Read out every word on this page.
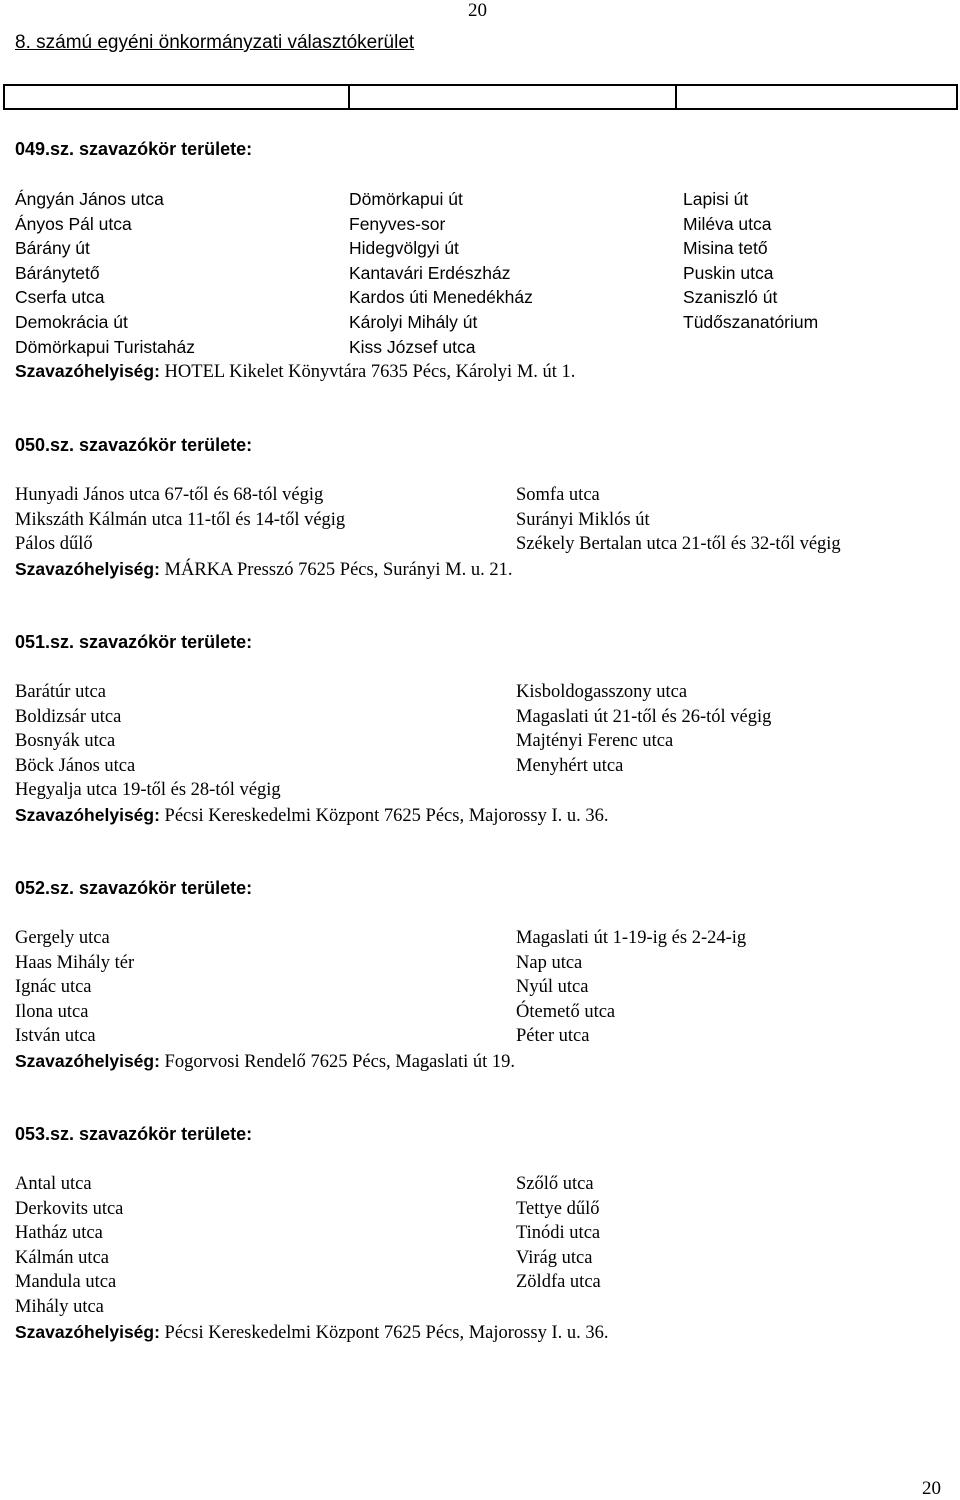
20
8. számú egyéni önkormányzati választókerület

049.sz. szavazókör területe:
Ángyán János utca	Dömörkapui út	Lapisi út
Ányos Pál utca	Fenyves-sor	Miléva utca
Bárány út	Hidegvölgyi út	Misina tető
Báránytető	Kantavári Erdészház	Puskin utca
Cserfa utca	Kardos úti Menedékház	Szaniszló út
Demokrácia út	Károlyi Mihály út	Tüdőszanatórium
Dömörkapui Turistaház	Kiss József utca
Szavazóhelyiség: HOTEL Kikelet Könyvtára 7635 Pécs, Károlyi M. út 1.
050.sz. szavazókör területe:
Hunyadi János utca 67-től és 68-tól végig	Somfa utca
Mikszáth Kálmán utca 11-től és 14-től végig	Surányi Miklós út
Pálos dűlő	Székely Bertalan utca 21-től és 32-től végig
Szavazóhelyiség: MÁRKA Presszó 7625 Pécs, Surányi M. u. 21.
051.sz. szavazókör területe:
Barátúr utca	Kisboldogasszony utca
Boldizsár utca	Magaslati út 21-től és 26-tól végig
Bosnyák utca	Majtényi Ferenc utca
Böck János utca	Menyhért utca
Hegyalja utca 19-től és 28-tól végig
Szavazóhelyiség: Pécsi Kereskedelmi Központ 7625 Pécs, Majorossy I. u. 36.
052.sz. szavazókör területe:
Gergely utca	Magaslati út 1-19-ig és 2-24-ig
Haas Mihály tér	Nap utca
Ignác utca	Nyúl utca
Ilona utca	Ótemető utca
István utca	Péter utca
Szavazóhelyiség: Fogorvosi Rendelő 7625 Pécs, Magaslati út 19.
053.sz. szavazókör területe:
Antal utca	Szőlő utca
Derkovits utca	Tettye dűlő
Hatház utca	Tinódi utca
Kálmán utca	Virág utca
Mandula utca	Zöldfa utca
Mihály utca
Szavazóhelyiség: Pécsi Kereskedelmi Központ 7625 Pécs, Majorossy I. u. 36.
20
